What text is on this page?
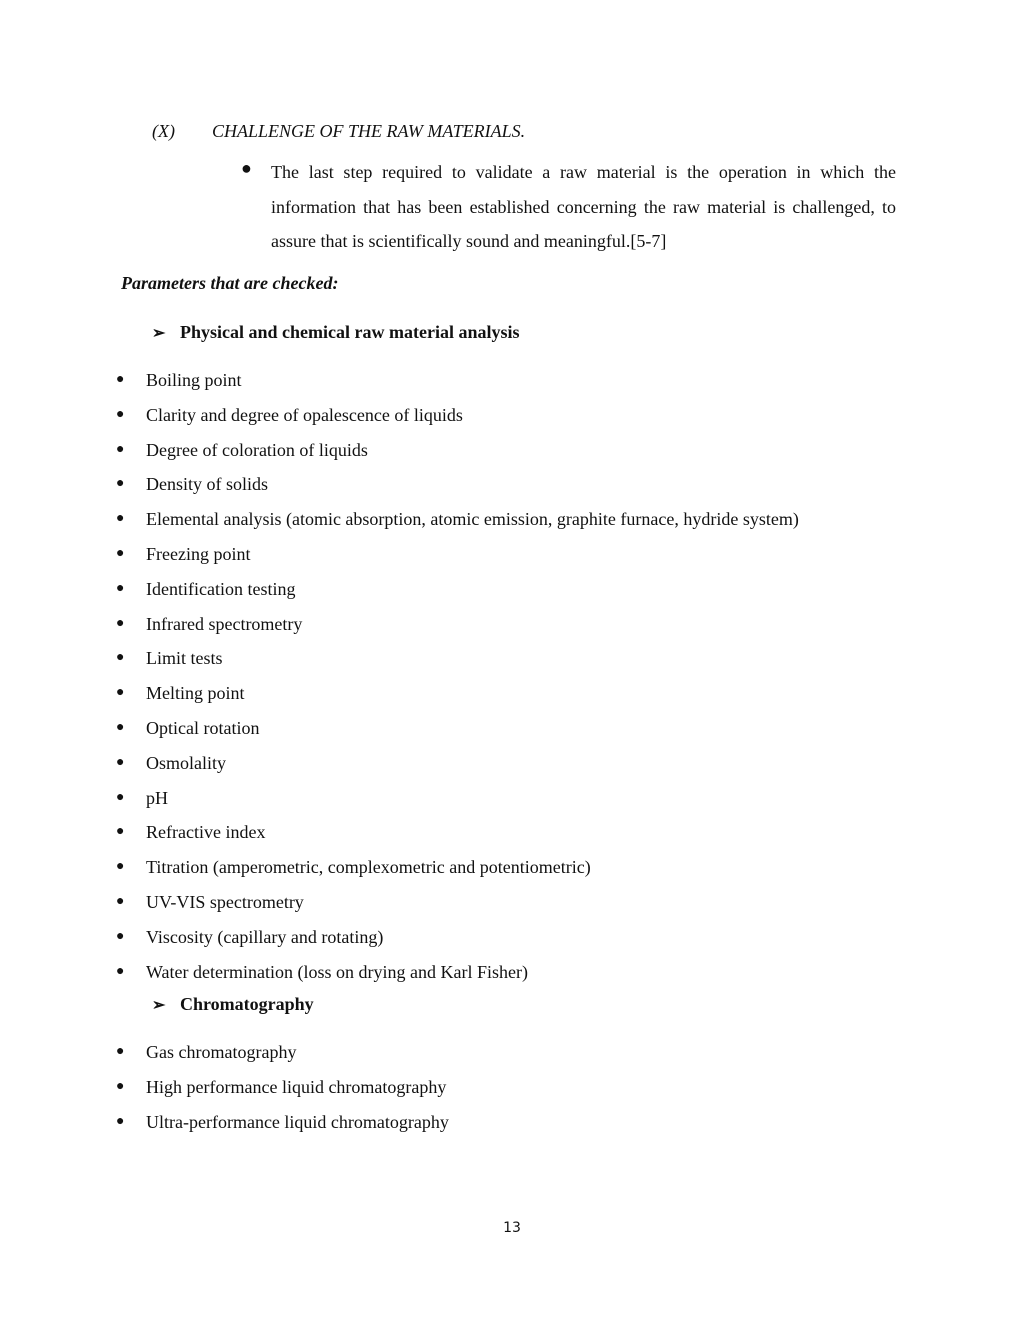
(X) CHALLENGE OF THE RAW MATERIALS.
● The last step required to validate a raw material is the operation in which the information that has been established concerning the raw material is challenged, to assure that is scientifically sound and meaningful.[5-7]
Parameters that are checked:
➢ Physical and chemical raw material analysis
● Boiling point
● Clarity and degree of opalescence of liquids
● Degree of coloration of liquids
● Density of solids
● Elemental analysis (atomic absorption, atomic emission, graphite furnace, hydride system)
● Freezing point
● Identification testing
● Infrared spectrometry
● Limit tests
● Melting point
● Optical rotation
● Osmolality
● pH
● Refractive index
● Titration (amperometric, complexometric and potentiometric)
● UV-VIS spectrometry
● Viscosity (capillary and rotating)
● Water determination (loss on drying and Karl Fisher)
➢ Chromatography
● Gas chromatography
● High performance liquid chromatography
● Ultra-performance liquid chromatography
13
